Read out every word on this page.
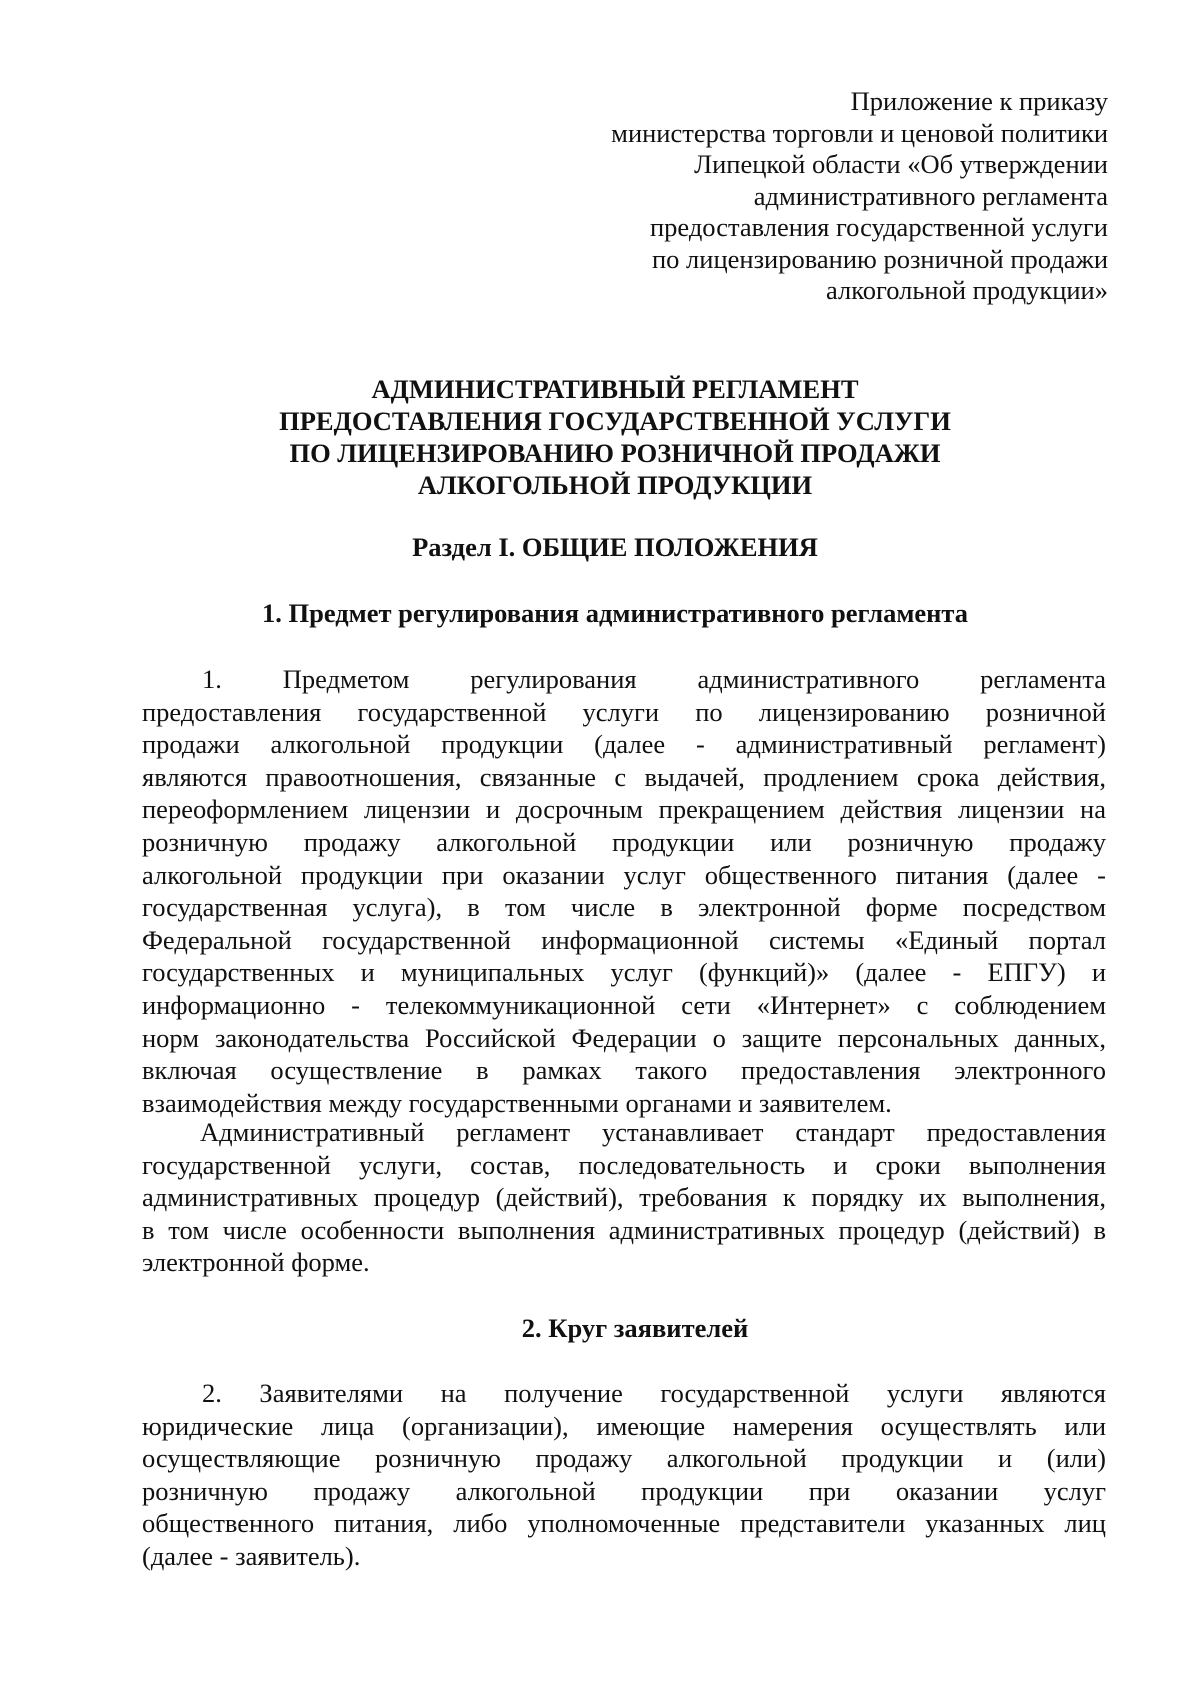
Приложение к приказу
министерства торговли и ценовой политики
Липецкой области «Об утверждении
административного регламента
предоставления государственной услуги
по лицензированию розничной продажи
алкогольной продукции»
АДМИНИСТРАТИВНЫЙ РЕГЛАМЕНТ
ПРЕДОСТАВЛЕНИЯ ГОСУДАРСТВЕННОЙ УСЛУГИ
ПО ЛИЦЕНЗИРОВАНИЮ РОЗНИЧНОЙ ПРОДАЖИ
АЛКОГОЛЬНОЙ ПРОДУКЦИИ
Раздел I. ОБЩИЕ ПОЛОЖЕНИЯ
1. Предмет регулирования административного регламента
1. Предметом регулирования административного регламента
предоставления государственной услуги по лицензированию розничной
продажи алкогольной продукции (далее - административный регламент)
являются правоотношения, связанные с выдачей, продлением срока действия,
переоформлением лицензии и досрочным прекращением действия лицензии на
розничную продажу алкогольной продукции или розничную продажу
алкогольной продукции при оказании услуг общественного питания (далее -
государственная услуга), в том числе в электронной форме посредством
Федеральной государственной информационной системы «Единый портал
государственных и муниципальных услуг (функций)» (далее - ЕПГУ) и
информационно - телекоммуникационной сети «Интернет» с соблюдением
норм законодательства Российской Федерации о защите персональных данных,
включая осуществление в рамках такого предоставления электронного
взаимодействия между государственными органами и заявителем.
Административный регламент устанавливает стандарт предоставления
государственной услуги, состав, последовательность и сроки выполнения
административных процедур (действий), требования к порядку их выполнения,
в том числе особенности выполнения административных процедур (действий) в
электронной форме.
2. Круг заявителей
2. Заявителями на получение государственной услуги являются
юридические лица (организации), имеющие намерения осуществлять или
осуществляющие розничную продажу алкогольной продукции и (или)
розничную продажу алкогольной продукции при оказании услуг
общественного питания, либо уполномоченные представители указанных лиц
(далее - заявитель).
